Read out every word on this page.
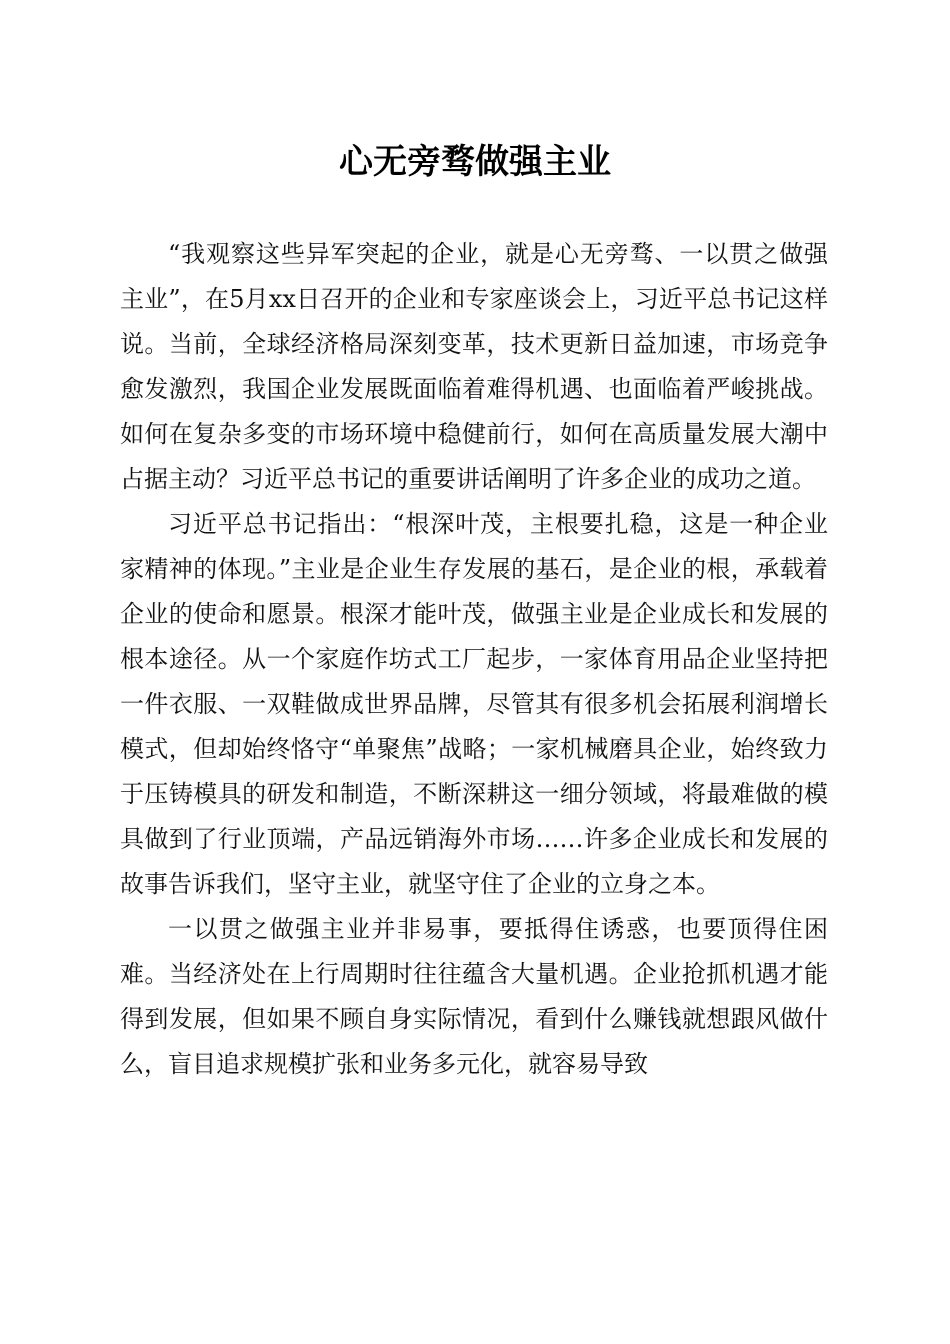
心无旁骛做强主业

“我观察这些异军突起的企业，就是心无旁骛、一以贯之做强主业”，在5月xx日召开的企业和专家座谈会上，习近平总书记这样说。当前，全球经济格局深刻变革，技术更新日益加速，市场竞争愈发激烈，我国企业发展既面临着难得机遇、也面临着严峻挑战。如何在复杂多变的市场环境中稳健前行，如何在高质量发展大潮中占据主动？习近平总书记的重要讲话阐明了许多企业的成功之道。

习近平总书记指出：“根深叶茂，主根要扎稳，这是一种企业家精神的体现。”主业是企业生存发展的基石，是企业的根，承载着企业的使命和愿景。根深才能叶茂，做强主业是企业成长和发展的根本途径。从一个家庭作坊式工厂起步，一家体育用品企业坚持把一件衣服、一双鞋做成世界品牌，尽管其有很多机会拓展利润增长模式，但却始终恪守“单聚焦”战略；一家机械磨具企业，始终致力于压铸模具的研发和制造，不断深耕这一细分领域，将最难做的模具做到了行业顶端，产品远销海外市场……许多企业成长和发展的故事告诉我们，坚守主业，就坚守住了企业的立身之本。

一以贯之做强主业并非易事，要抵得住诱惑，也要顶得住困难。当经济处在上行周期时往往蕴含大量机遇。企业抢抓机遇才能得到发展，但如果不顾自身实际情况，看到什么赚钱就想跟风做什么，盲目追求规模扩张和业务多元化，就容易导致
